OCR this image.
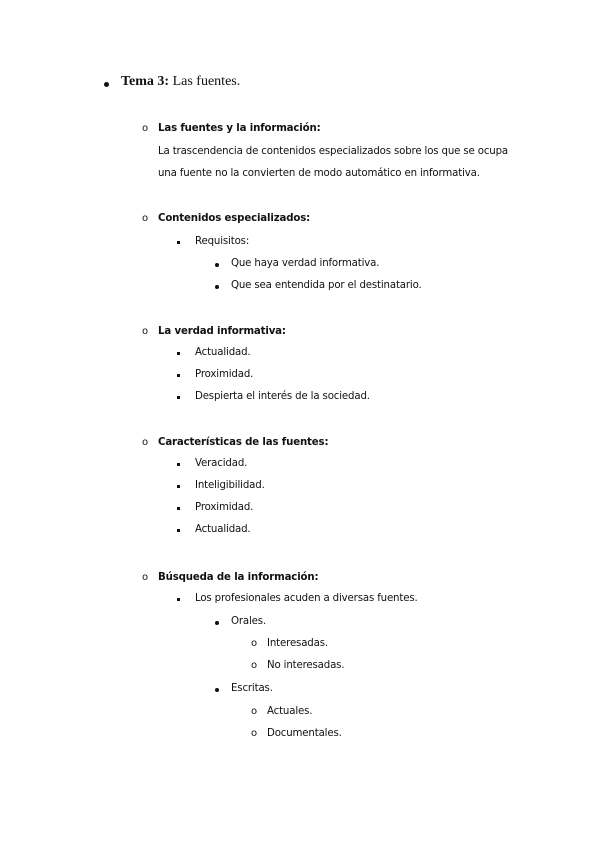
Tema 3: Las fuentes.
o Las fuentes y la información:
La trascendencia de contenidos especializados sobre los que se ocupa
una fuente no la convierten de modo automático en informativa.
o Contenidos especializados:
Requisitos:
Que haya verdad informativa.
Que sea entendida por el destinatario.
o La verdad informativa:
Actualidad.
Proximidad.
Despierta el interés de la sociedad.
o Características de las fuentes:
Veracidad.
Inteligibilidad.
Proximidad.
Actualidad.
o Búsqueda de la información:
Los profesionales acuden a diversas fuentes.
Orales.
o Interesadas.
o No interesadas.
Escritas.
o Actuales.
o Documentales.
